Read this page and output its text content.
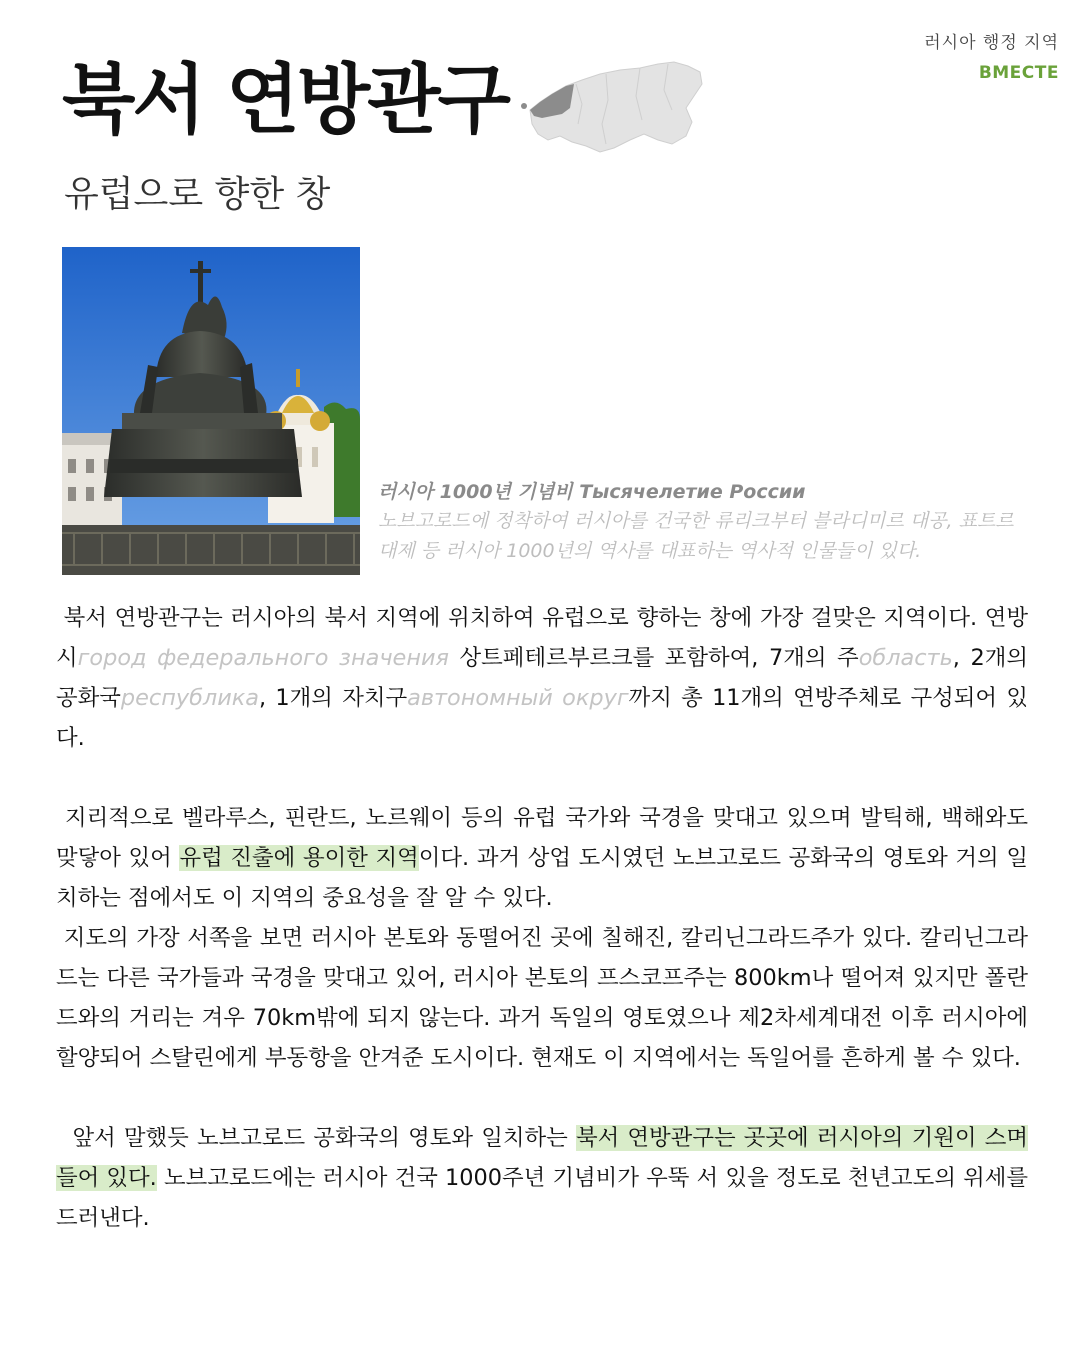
러시아 행정 지역
BMECTE
북서 연방관구
유럽으로 향한 창
러시아 1000년 기념비 Тысячелетие России
노브고로드에 정착하여 러시아를 건국한 류리크부터 블라디미르 대공, 표트르 대제 등 러시아 1000년의 역사를 대표하는 역사적 인물들이 있다.

북서 연방관구는 러시아의 북서 지역에 위치하여 유럽으로 향하는 창에 가장 걸맞은 지역이다. 연방시город федерального значения 상트페테르부르크를 포함하여, 7개의 주область, 2개의 공화국республика, 1개의 자치구автономный округ까지 총 11개의 연방주체로 구성되어 있다.

지리적으로 벨라루스, 핀란드, 노르웨이 등의 유럽 국가와 국경을 맞대고 있으며 발틱해, 백해와도 맞닿아 있어 유럽 진출에 용이한 지역이다. 과거 상업 도시였던 노브고로드 공화국의 영토와 거의 일치하는 점에서도 이 지역의 중요성을 잘 알 수 있다.

지도의 가장 서쪽을 보면 러시아 본토와 동떨어진 곳에 칠해진, 칼리닌그라드주가 있다. 칼리닌그라드는 다른 국가들과 국경을 맞대고 있어, 러시아 본토의 프스코프주는 800km나 떨어져 있지만 폴란드와의 거리는 겨우 70km밖에 되지 않는다. 과거 독일의 영토였으나 제2차세계대전 이후 러시아에 할양되어 스탈린에게 부동항을 안겨준 도시이다. 현재도 이 지역에서는 독일어를 흔하게 볼 수 있다.

앞서 말했듯 노브고로드 공화국의 영토와 일치하는 북서 연방관구는 곳곳에 러시아의 기원이 스며들어 있다. 노브고로드에는 러시아 건국 1000주년 기념비가 우뚝 서 있을 정도로 천년고도의 위세를 드러낸다.
